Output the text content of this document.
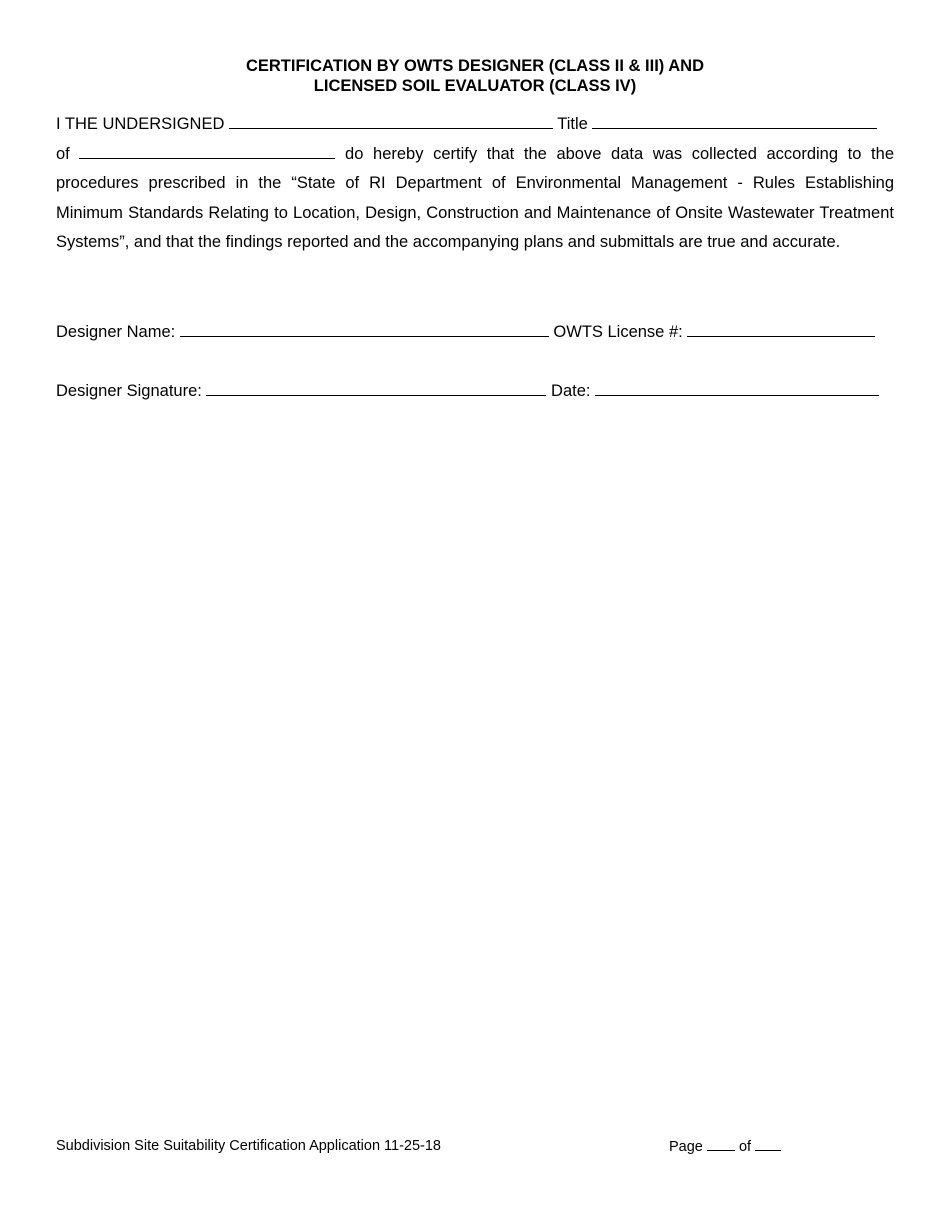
CERTIFICATION BY OWTS DESIGNER (CLASS II & III) AND
LICENSED SOIL EVALUATOR (CLASS IV)
I THE UNDERSIGNED	Title
of	do hereby certify that the above data was collected according to the procedures prescribed in the “State of RI Department of Environmental Management - Rules Establishing Minimum Standards Relating to Location, Design, Construction and Maintenance of Onsite Wastewater Treatment Systems”, and that the findings reported and the accompanying plans and submittals are true and accurate.
Designer Name:	OWTS License #:
Designer Signature:	Date:
Subdivision Site Suitability Certification Application 11-25-18	Page of
